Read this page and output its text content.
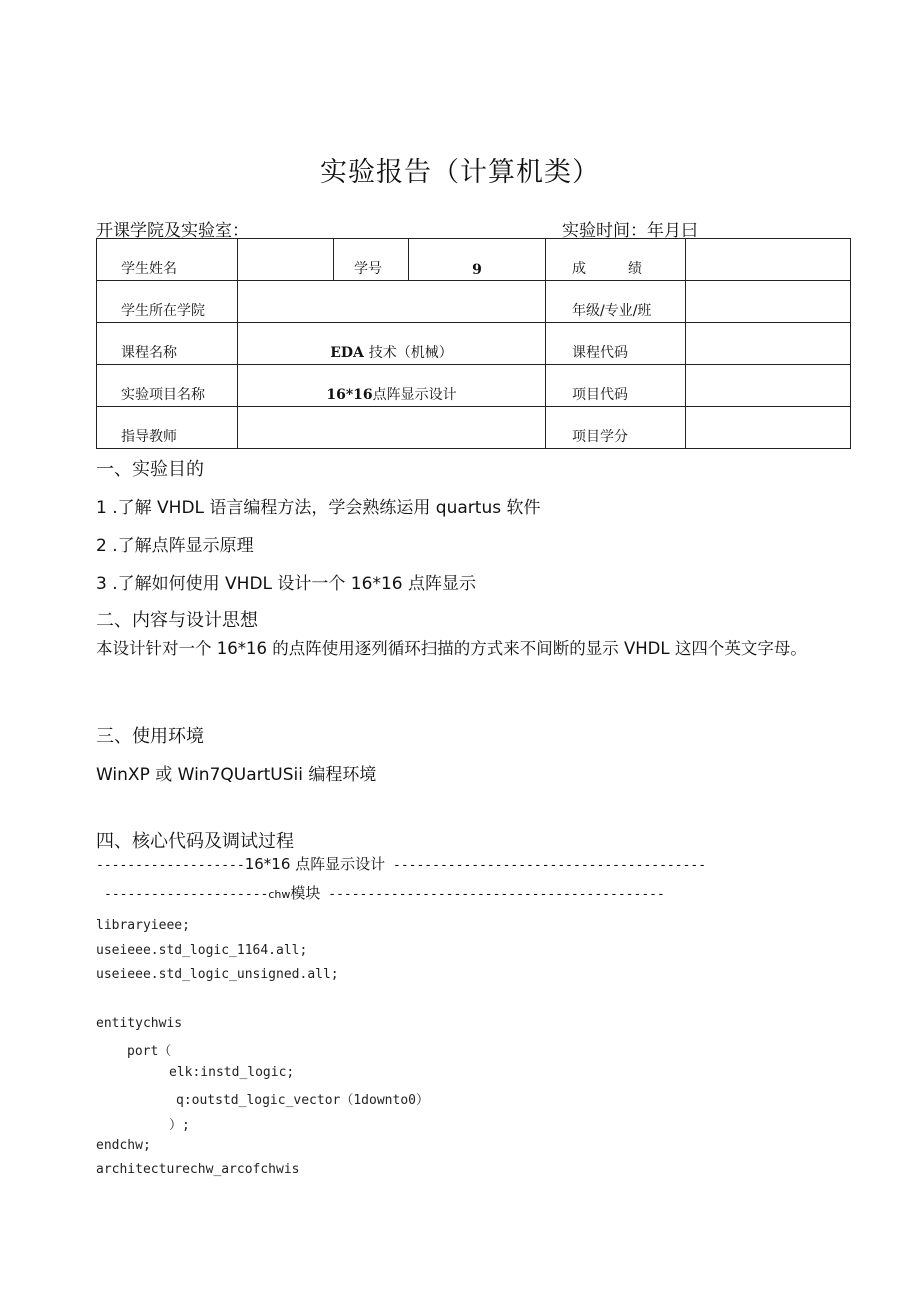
实验报告（计算机类）
开课学院及实验室：	实验时间：年月曰
学生姓名		学号	9	成　　　绩	
学生所在学院				年级/专业/班	
课程名称	EDA 技术（机械）			课程代码	
实验项目名称	16*16点阵显示设计			项目代码	
指导教师				项目学分	
一、实验目的
1 .了解 VHDL 语言编程方法，学会熟练运用 quartus 软件
2 .了解点阵显示原理
3 .了解如何使用 VHDL 设计一个 16*16 点阵显示
二、内容与设计思想
本设计针对一个 16*16 的点阵使用逐列循环扫描的方式来不间断的显示 VHDL 这四个英文字母。
三、使用环境
WinXP 或 Win7QUartUSii 编程环境
四、核心代码及调试过程
-------------------16*16 点阵显示设计 ----------------------------------------
---------------------chw模块 -------------------------------------------
libraryieee;
useieee.std_logic_1164.all;
useieee.std_logic_unsigned.all;
entitychwis
port（
elk:instd_logic;
q:outstd_logic_vector（1downto0）
）;
endchw;
architecturechw_arcofchwis
